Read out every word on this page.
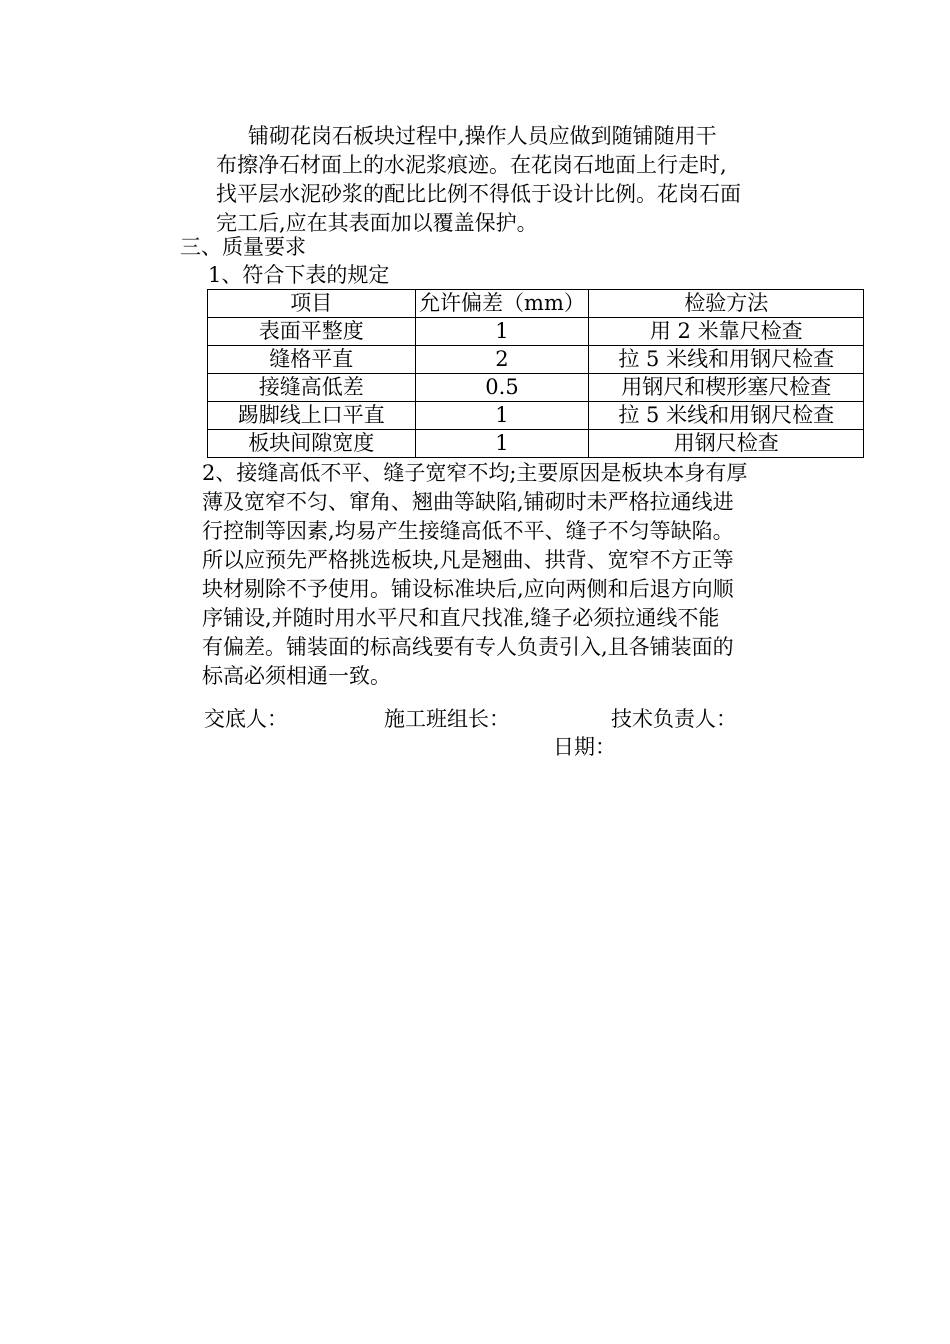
铺砌花岗石板块过程中,操作人员应做到随铺随用干
布擦净石材面上的水泥浆痕迹。在花岗石地面上行走时,
找平层水泥砂浆的配比比例不得低于设计比例。花岗石面
完工后,应在其表面加以覆盖保护。
三、质量要求
1、符合下表的规定
项目	允许偏差（mm）	检验方法
表面平整度	1	用 2 米靠尺检查
缝格平直	2	拉 5 米线和用钢尺检查
接缝高低差	0.5	用钢尺和楔形塞尺检查
踢脚线上口平直	1	拉 5 米线和用钢尺检查
板块间隙宽度	1	用钢尺检查
2、接缝高低不平、缝子宽窄不均;主要原因是板块本身有厚
薄及宽窄不匀、窜角、翘曲等缺陷,铺砌时未严格拉通线进
行控制等因素,均易产生接缝高低不平、缝子不匀等缺陷。
所以应预先严格挑选板块,凡是翘曲、拱背、宽窄不方正等
块材剔除不予使用。铺设标准块后,应向两侧和后退方向顺
序铺设,并随时用水平尺和直尺找准,缝子必须拉通线不能
有偏差。铺装面的标高线要有专人负责引入,且各铺装面的
标高必须相通一致。
交底人：	施工班组长：	技术负责人：
日期：
